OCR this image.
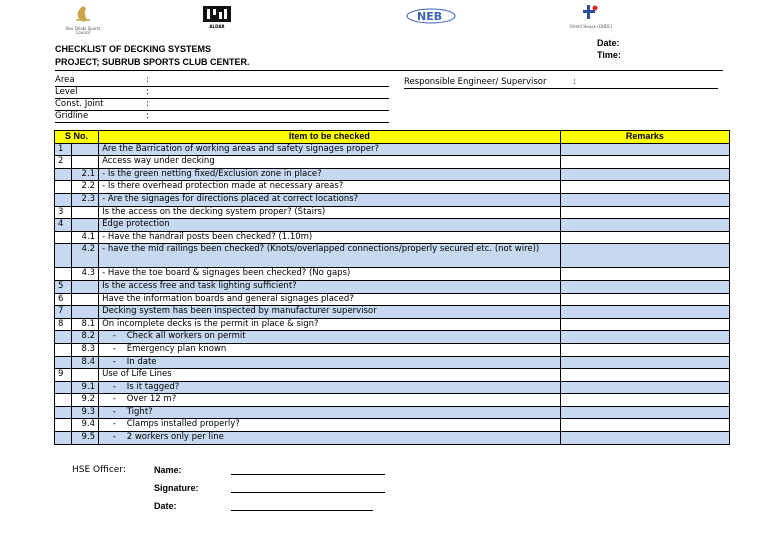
Abu Dhabi Sports Council
ALDAR
NEB
Orient House (OHDC)
CHECKLIST OF DECKING SYSTEMS
PROJECT; SUBRUB SPORTS CLUB CENTER.
Date:
Time:
Area	:
Level	:
Const. Joint	:
Gridline	:
Responsible Engineer/ Supervisor	:
S No.		Item to be checked	Remarks
1		Are the Barrication of working areas and safety signages proper?	
2		Access way under decking	
	2.1	- Is the green netting fixed/Exclusion zone in place?	
	2.2	- Is there overhead protection made at necessary areas?	
	2.3	- Are the signages for directions placed at correct locations?	
3		Is the access on the decking system proper? (Stairs)	
4		Edge protection	
	4.1	- Have the handrail posts been checked? (1.10m)	
	4.2	- have the mid railings been checked? (Knots/overlapped connections/properly secured etc. (not wire))	
	4.3	- Have the toe board & signages been checked? (No gaps)	
5		Is the access free and task lighting sufficient?	
6		Have the information boards and general signages placed?	
7		Decking system has been inspected by manufacturer supervisor	
8	8.1	On incomplete decks is the permit in place & sign?	
	8.2	-    Check all workers on permit	
	8.3	-    Emergency plan known	
	8.4	-    In date	
9		Use of Life Lines	
	9.1	-    Is it tagged?	
	9.2	-    Over 12 m?	
	9.3	-    Tight?	
	9.4	-    Clamps installed properly?	
	9.5	-    2 workers only per line	
HSE Officer:	Name:
Signature:
Date:
